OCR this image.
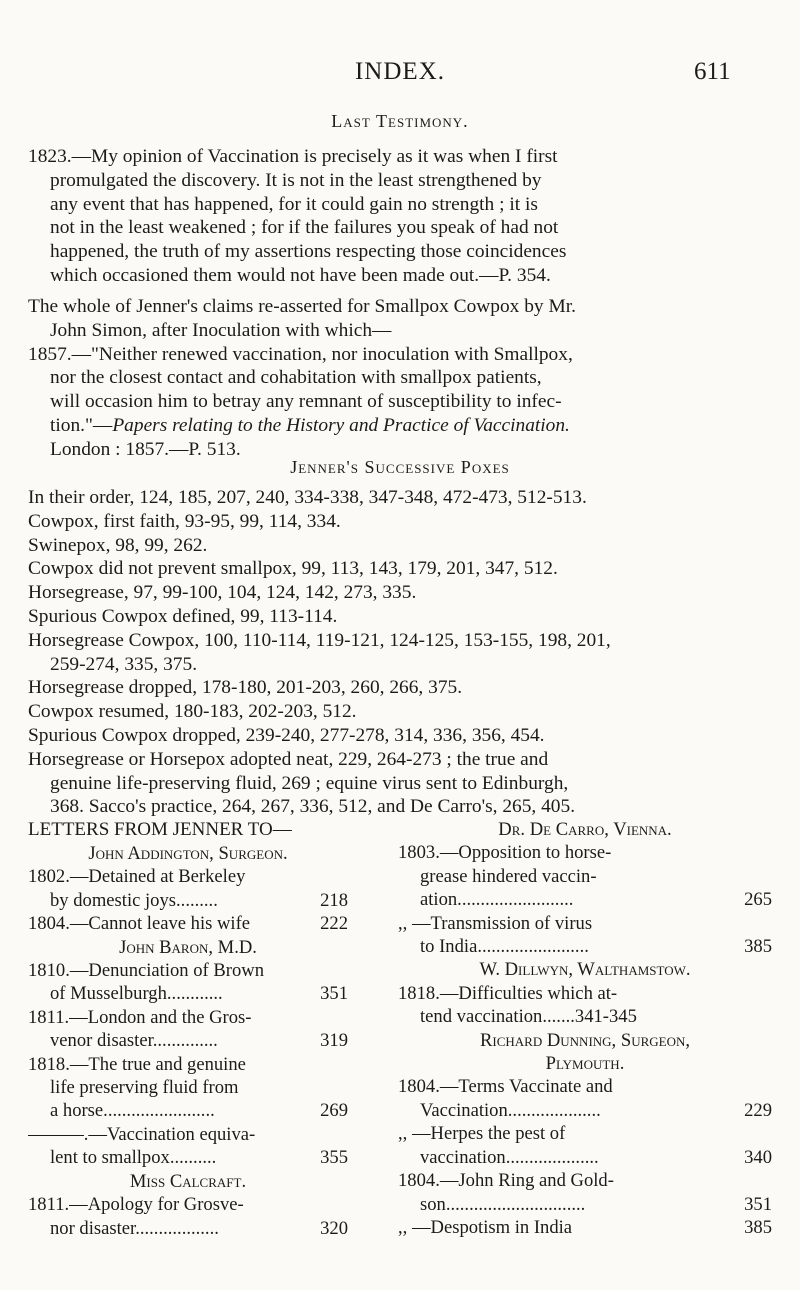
INDEX.	611
Last Testimony.
1823.—My opinion of Vaccination is precisely as it was when I first
promulgated the discovery. It is not in the least strengthened by
any event that has happened, for it could gain no strength ; it is
not in the least weakened ; for if the failures you speak of had not
happened, the truth of my assertions respecting those coincidences
which occasioned them would not have been made out.—P. 354.
The whole of Jenner's claims re-asserted for Smallpox Cowpox by Mr.
John Simon, after Inoculation with which—
1857.—"Neither renewed vaccination, nor inoculation with Smallpox,
nor the closest contact and cohabitation with smallpox patients,
will occasion him to betray any remnant of susceptibility to infec-
tion."—Papers relating to the History and Practice of Vaccination.
London : 1857.—P. 513.
Jenner's Successive Poxes
In their order, 124, 185, 207, 240, 334-338, 347-348, 472-473, 512-513.
Cowpox, first faith, 93-95, 99, 114, 334.
Swinepox, 98, 99, 262.
Cowpox did not prevent smallpox, 99, 113, 143, 179, 201, 347, 512.
Horsegrease, 97, 99-100, 104, 124, 142, 273, 335.
Spurious Cowpox defined, 99, 113-114.
Horsegrease Cowpox, 100, 110-114, 119-121, 124-125, 153-155, 198, 201,
259-274, 335, 375.
Horsegrease dropped, 178-180, 201-203, 260, 266, 375.
Cowpox resumed, 180-183, 202-203, 512.
Spurious Cowpox dropped, 239-240, 277-278, 314, 336, 356, 454.
Horsegrease or Horsepox adopted neat, 229, 264-273 ; the true and
genuine life-preserving fluid, 269 ; equine virus sent to Edinburgh,
368. Sacco's practice, 264, 267, 336, 512, and De Carro's, 265, 405.
LETTERS FROM JENNER TO—
John Addington, Surgeon.
1802.—Detained at Berkeley
by domestic joys.........	218
1804.—Cannot leave his wife	222
John Baron, M.D.
1810.—Denunciation of Brown
of Musselburgh............	351
1811.—London and the Gros-
venor disaster..............	319
1818.—The true and genuine
life preserving fluid from
a horse........................	269
———.—Vaccination equiva-
lent to smallpox..........	355
Miss Calcraft.
1811.—Apology for Grosve-
nor disaster..................	320
Dr. De Carro, Vienna.
1803.—Opposition to horse-
grease hindered vaccin-
ation.........................	265
,, —Transmission of virus
to India........................	385
W. Dillwyn, Walthamstow.
1818.—Difficulties which at-
tend vaccination.......341-345
Richard Dunning, Surgeon,
Plymouth.
1804.—Terms Vaccinate and
Vaccination....................	229
,, —Herpes the pest of
vaccination....................	340
1804.—John Ring and Gold-
son..............................	351
,, —Despotism in India	385
